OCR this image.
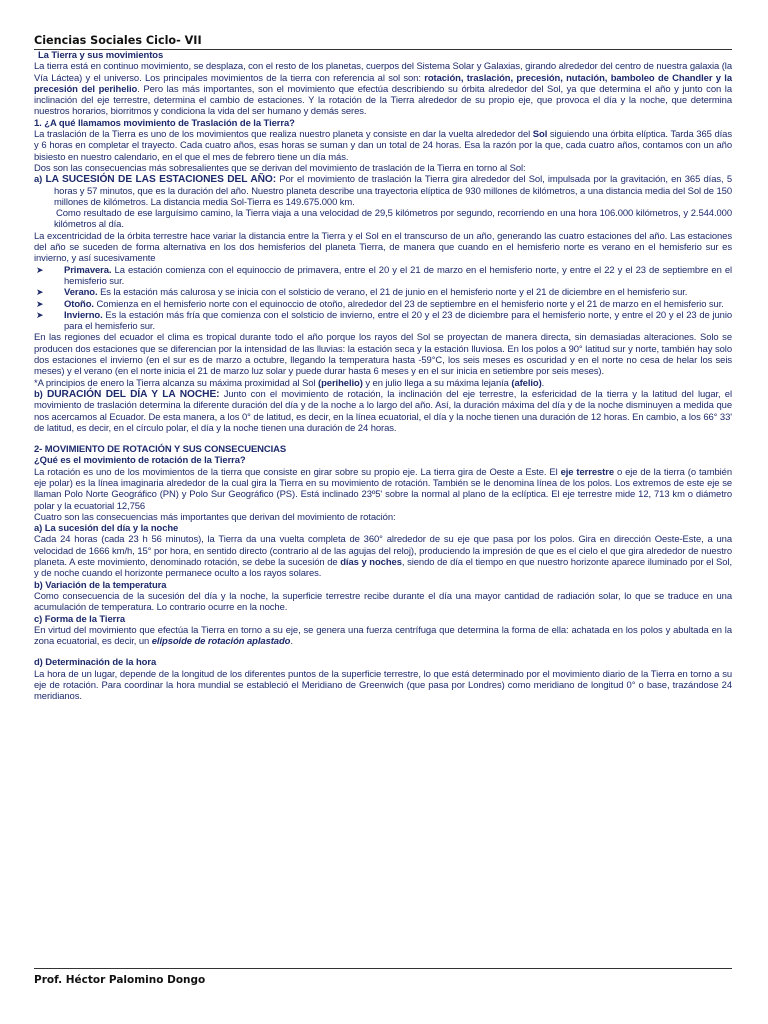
Ciencias Sociales Ciclo- VII

La Tierra y sus movimientos

La tierra está en continuo movimiento, se desplaza, con el resto de los planetas, cuerpos del Sistema Solar y Galaxias, girando alrededor del centro de nuestra galaxia (la Vía Láctea) y el universo. Los principales movimientos de la tierra con referencia al sol son: rotación, traslación, precesión, nutación, bamboleo de Chandler y la precesión del perihelio. Pero las más importantes, son el movimiento que efectúa describiendo su órbita alrededor del Sol, ya que determina el año y junto con la inclinación del eje terrestre, determina el cambio de estaciones. Y la rotación de la Tierra alrededor de su propio eje, que provoca el día y la noche, que determina nuestros horarios, biorritmos y condiciona la vida del ser humano y demás seres.

1. ¿A qué llamamos movimiento de Traslación de la Tierra?

La traslación de la Tierra es uno de los movimientos que realiza nuestro planeta y consiste en dar la vuelta alrededor del Sol siguiendo una órbita elíptica. Tarda 365 días y 6 horas en completar el trayecto. Cada cuatro años, esas horas se suman y dan un total de 24 horas. Esa la razón por la que, cada cuatro años, contamos con un año bisiesto en nuestro calendario, en el que el mes de febrero tiene un día más.

Dos son las consecuencias más sobresalientes que se derivan del movimiento de traslación de la Tierra en torno al Sol:

a) LA SUCESIÓN DE LAS ESTACIONES DEL AÑO: Por el movimiento de traslación la Tierra gira alrededor del Sol, impulsada por la gravitación, en 365 días, 5 horas y 57 minutos, que es la duración del año. Nuestro planeta describe una trayectoria elíptica de 930 millones de kilómetros, a una distancia media del Sol de 150 millones de kilómetros. La distancia media Sol-Tierra es 149.675.000 km.

Como resultado de ese larguísimo camino, la Tierra viaja a una velocidad de 29,5 kilómetros por segundo, recorriendo en una hora 106.000 kilómetros, y 2.544.000 kilómetros al día.

La excentricidad de la órbita terrestre hace variar la distancia entre la Tierra y el Sol en el transcurso de un año, generando las cuatro estaciones del año. Las estaciones del año se suceden de forma alternativa en los dos hemisferios del planeta Tierra, de manera que cuando en el hemisferio norte es verano en el hemisferio sur es invierno, y así sucesivamente

➤ Primavera. La estación comienza con el equinoccio de primavera, entre el 20 y el 21 de marzo en el hemisferio norte, y entre el 22 y el 23 de septiembre en el hemisferio sur.
➤ Verano. Es la estación más calurosa y se inicia con el solsticio de verano, el 21 de junio en el hemisferio norte y el 21 de diciembre en el hemisferio sur.
➤ Otoño. Comienza en el hemisferio norte con el equinoccio de otoño, alrededor del 23 de septiembre en el hemisferio norte y el 21 de marzo en el hemisferio sur.
➤ Invierno. Es la estación más fría que comienza con el solsticio de invierno, entre el 20 y el 23 de diciembre para el hemisferio norte, y entre el 20 y el 23 de junio para el hemisferio sur.

En las regiones del ecuador el clima es tropical durante todo el año porque los rayos del Sol se proyectan de manera directa, sin demasiadas alteraciones. Solo se producen dos estaciones que se diferencian por la intensidad de las lluvias: la estación seca y la estación lluviosa. En los polos a 90° latitud sur y norte, también hay solo dos estaciones el invierno (en el sur es de marzo a octubre, llegando la temperatura hasta -59°C, los seis meses es oscuridad y en el norte no cesa de helar los seis meses) y el verano (en el norte inicia el 21 de marzo luz solar y puede durar hasta 6 meses y en el sur inicia en setiembre por seis meses).

*A principios de enero la Tierra alcanza su máxima proximidad al Sol (perihelio) y en julio llega a su máxima lejanía (afelio).

b) DURACIÓN DEL DÍA Y LA NOCHE: Junto con el movimiento de rotación, la inclinación del eje terrestre, la esfericidad de la tierra y la latitud del lugar, el movimiento de traslación determina la diferente duración del día y de la noche a lo largo del año. Así, la duración máxima del día y de la noche disminuyen a medida que nos acercamos al Ecuador. De esta manera, a los 0° de latitud, es decir, en la línea ecuatorial, el día y la noche tienen una duración de 12 horas. En cambio, a los 66° 33' de latitud, es decir, en el círculo polar, el día y la noche tienen una duración de 24 horas.

2- MOVIMIENTO DE ROTACIÓN Y SUS CONSECUENCIAS

¿Qué es el movimiento de rotación de la Tierra?

La rotación es uno de los movimientos de la tierra que consiste en girar sobre su propio eje. La tierra gira de Oeste a Este. El eje terrestre o eje de la tierra (o también eje polar) es la línea imaginaria alrededor de la cual gira la Tierra en su movimiento de rotación. También se le denomina línea de los polos. Los extremos de este eje se llaman Polo Norte Geográfico (PN) y Polo Sur Geográfico (PS). Está inclinado 23º5' sobre la normal al plano de la eclíptica. El eje terrestre mide 12, 713 km o diámetro polar y la ecuatorial 12,756

Cuatro son las consecuencias más importantes que derivan del movimiento de rotación:

a) La sucesión del día y la noche

Cada 24 horas (cada 23 h 56 minutos), la Tierra da una vuelta completa de 360° alrededor de su eje que pasa por los polos. Gira en dirección Oeste-Este, a una velocidad de 1666 km/h, 15° por hora, en sentido directo (contrario al de las agujas del reloj), produciendo la impresión de que es el cielo el que gira alrededor de nuestro planeta. A este movimiento, denominado rotación, se debe la sucesión de días y noches, siendo de día el tiempo en que nuestro horizonte aparece iluminado por el Sol, y de noche cuando el horizonte permanece oculto a los rayos solares.

b) Variación de la temperatura

Como consecuencia de la sucesión del día y la noche, la superficie terrestre recibe durante el día una mayor cantidad de radiación solar, lo que se traduce en una acumulación de temperatura. Lo contrario ocurre en la noche.

c) Forma de la Tierra

En virtud del movimiento que efectúa la Tierra en torno a su eje, se genera una fuerza centrífuga que determina la forma de ella: achatada en los polos y abultada en la zona ecuatorial, es decir, un elipsoide de rotación aplastado.

d) Determinación de la hora

La hora de un lugar, depende de la longitud de los diferentes puntos de la superficie terrestre, lo que está determinado por el movimiento diario de la Tierra en torno a su eje de rotación. Para coordinar la hora mundial se estableció el Meridiano de Greenwich (que pasa por Londres) como meridiano de longitud 0° o base, trazándose 24 meridianos.

Prof. Héctor Palomino Dongo
